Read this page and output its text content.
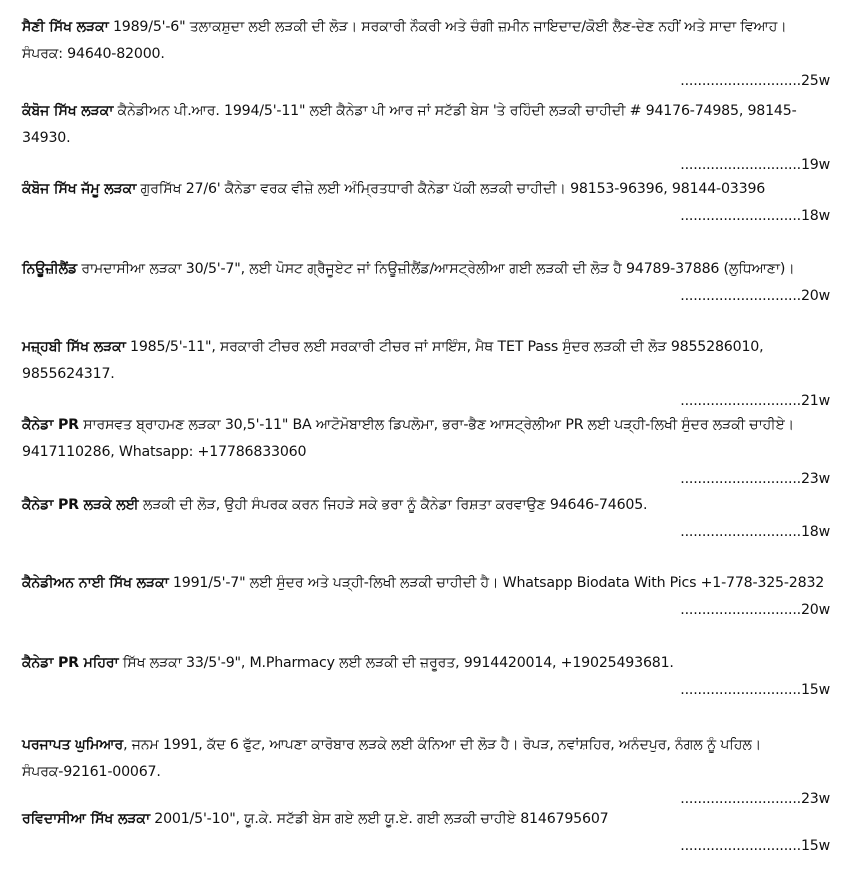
ਸੈਣੀ ਸਿੱਖ ਲੜਕਾ 1989/5'-6" ਤਲਾਕਸ਼ੁਦਾ ਲਈ ਲੜਕੀ ਦੀ ਲੋੜ। ਸਰਕਾਰੀ ਨੌਕਰੀ ਅਤੇ ਚੰਗੀ ਜ਼ਮੀਨ ਜਾਇਦਾਦ/ਕੋਈ ਲੈਣ-ਦੇਣ ਨਹੀਂ ਅਤੇ ਸਾਦਾ ਵਿਆਹ। ਸੰਪਰਕ: 94640-82000.
............................25w
ਕੰਬੋਜ ਸਿੱਖ ਲੜਕਾ ਕੈਨੇਡੀਅਨ ਪੀ.ਆਰ. 1994/5'-11" ਲਈ ਕੈਨੇਡਾ ਪੀ ਆਰ ਜਾਂ ਸਟੱਡੀ ਬੇਸ 'ਤੇ ਰਹਿੰਦੀ ਲੜਕੀ ਚਾਹੀਦੀ # 94176-74985, 98145-34930.
............................19w
ਕੰਬੋਜ ਸਿੱਖ ਜੱਮੂ ਲੜਕਾ ਗੁਰਸਿੱਖ 27/6' ਕੈਨੇਡਾ ਵਰਕ ਵੀਜ਼ੇ ਲਈ ਅੰਮ੍ਰਿਤਧਾਰੀ ਕੈਨੇਡਾ ਪੱਕੀ ਲੜਕੀ ਚਾਹੀਦੀ। 98153-96396, 98144-03396
............................18w
ਨਿਊਜ਼ੀਲੈਂਡ ਰਾਮਦਾਸੀਆ ਲੜਕਾ 30/5'-7", ਲਈ ਪੋਸਟ ਗ੍ਰੈਜੂਏਟ ਜਾਂ ਨਿਊਜ਼ੀਲੈਂਡ/ਆਸਟ੍ਰੇਲੀਆ ਗਈ ਲੜਕੀ ਦੀ ਲੋੜ ਹੈ 94789-37886 (ਲੁਧਿਆਣਾ)।
............................20w
ਮਜ਼੍ਹਬੀ ਸਿੱਖ ਲੜਕਾ 1985/5'-11", ਸਰਕਾਰੀ ਟੀਚਰ ਲਈ ਸਰਕਾਰੀ ਟੀਚਰ ਜਾਂ ਸਾਇੰਸ, ਮੈਥ TET Pass ਸੁੰਦਰ ਲੜਕੀ ਦੀ ਲੋੜ 9855286010, 9855624317.
............................21w
ਕੈਨੇਡਾ PR ਸਾਰਸਵਤ ਬ੍ਰਾਹਮਣ ਲੜਕਾ 30,5'-11" BA ਆਟੋਮੋਬਾਈਲ ਡਿਪਲੋਮਾ, ਭਰਾ-ਭੈਣ ਆਸਟ੍ਰੇਲੀਆ PR ਲਈ ਪੜ੍ਹੀ-ਲਿਖੀ ਸੁੰਦਰ ਲੜਕੀ ਚਾਹੀਏ। 9417110286, Whatsapp: +17786833060
............................23w
ਕੈਨੇਡਾ PR ਲੜਕੇ ਲਈ ਲੜਕੀ ਦੀ ਲੋੜ, ਉਹੀ ਸੰਪਰਕ ਕਰਨ ਜਿਹੜੇ ਸਕੇ ਭਰਾ ਨੂੰ ਕੈਨੇਡਾ ਰਿਸ਼ਤਾ ਕਰਵਾਉਣ 94646-74605.
............................18w
ਕੈਨੇਡੀਅਨ ਨਾਈ ਸਿੱਖ ਲੜਕਾ 1991/5'-7" ਲਈ ਸੁੰਦਰ ਅਤੇ ਪੜ੍ਹੀ-ਲਿਖੀ ਲੜਕੀ ਚਾਹੀਦੀ ਹੈ। Whatsapp Biodata With Pics +1-778-325-2832
............................20w
ਕੈਨੇਡਾ PR ਮਹਿਰਾ ਸਿੱਖ ਲੜਕਾ 33/5'-9", M.Pharmacy ਲਈ ਲੜਕੀ ਦੀ ਜ਼ਰੂਰਤ, 9914420014, +19025493681.
............................15w
ਪਰਜਾਪਤ ਘੁਮਿਆਰ, ਜਨਮ 1991, ਕੱਦ 6 ਫੁੱਟ, ਆਪਣਾ ਕਾਰੋਬਾਰ ਲੜਕੇ ਲਈ ਕੰਨਿਆ ਦੀ ਲੋੜ ਹੈ। ਰੋਪੜ, ਨਵਾਂਸ਼ਹਿਰ, ਅਨੰਦਪੁਰ, ਨੰਗਲ ਨੂੰ ਪਹਿਲ। ਸੰਪਰਕ-92161-00067.
............................23w
ਰਵਿਦਾਸੀਆ ਸਿੱਖ ਲੜਕਾ 2001/5'-10", ਯੂ.ਕੇ. ਸਟੱਡੀ ਬੇਸ ਗਏ ਲਈ ਯੂ.ਏ. ਗਈ ਲੜਕੀ ਚਾਹੀਏ 8146795607
............................15w
